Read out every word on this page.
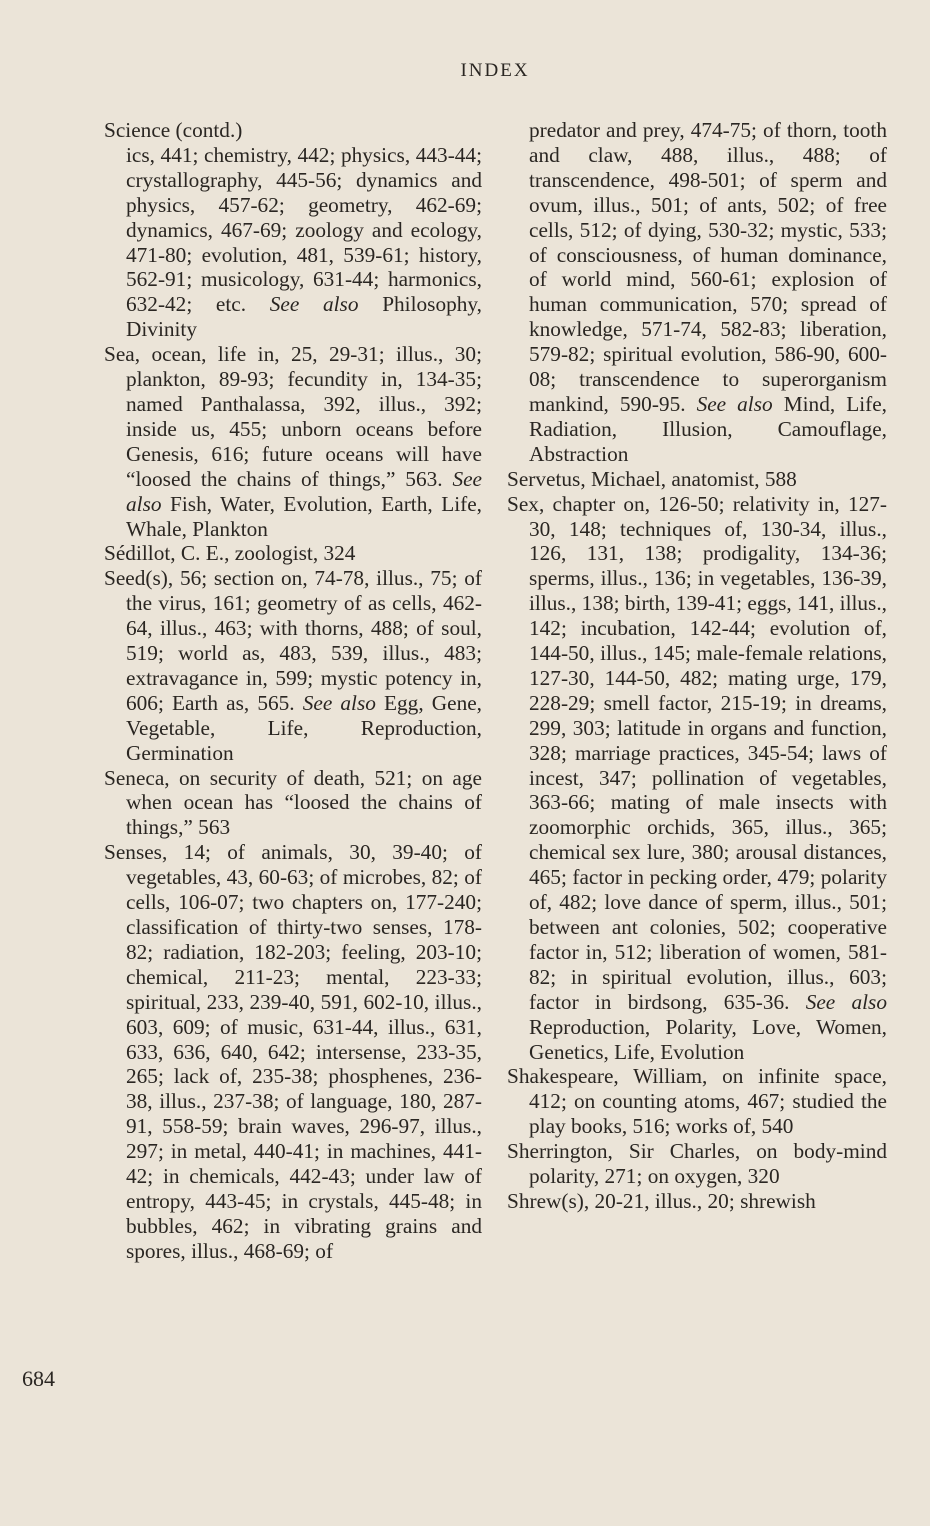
INDEX

Science (contd.)
ics, 441; chemistry, 442; physics, 443-44; crystallography, 445-56; dynamics and physics, 457-62; geometry, 462-69; dynamics, 467-69; zoology and ecology, 471-80; evolution, 481, 539-61; history, 562-91; musicology, 631-44; harmonics, 632-42; etc. See also Philosophy, Divinity

Sea, ocean, life in, 25, 29-31; illus., 30; plankton, 89-93; fecundity in, 134-35; named Panthalassa, 392, illus., 392; inside us, 455; unborn oceans before Genesis, 616; future oceans will have “loosed the chains of things,” 563. See also Fish, Water, Evolution, Earth, Life, Whale, Plankton

Sédillot, C. E., zoologist, 324

Seed(s), 56; section on, 74-78, illus., 75; of the virus, 161; geometry of as cells, 462-64, illus., 463; with thorns, 488; of soul, 519; world as, 483, 539, illus., 483; extravagance in, 599; mystic potency in, 606; Earth as, 565. See also Egg, Gene, Vegetable, Life, Reproduction, Germination

Seneca, on security of death, 521; on age when ocean has “loosed the chains of things,” 563

Senses, 14; of animals, 30, 39-40; of vegetables, 43, 60-63; of microbes, 82; of cells, 106-07; two chapters on, 177-240; classification of thirty-two senses, 178-82; radiation, 182-203; feeling, 203-10; chemical, 211-23; mental, 223-33; spiritual, 233, 239-40, 591, 602-10, illus., 603, 609; of music, 631-44, illus., 631, 633, 636, 640, 642; intersense, 233-35, 265; lack of, 235-38; phosphenes, 236-38, illus., 237-38; of language, 180, 287-91, 558-59; brain waves, 296-97, illus., 297; in metal, 440-41; in machines, 441-42; in chemicals, 442-43; under law of entropy, 443-45; in crystals, 445-48; in bubbles, 462; in vibrating grains and spores, illus., 468-69; of

predator and prey, 474-75; of thorn, tooth and claw, 488, illus., 488; of transcendence, 498-501; of sperm and ovum, illus., 501; of ants, 502; of free cells, 512; of dying, 530-32; mystic, 533; of consciousness, of human dominance, of world mind, 560-61; explosion of human communication, 570; spread of knowledge, 571-74, 582-83; liberation, 579-82; spiritual evolution, 586-90, 600-08; transcendence to superorganism mankind, 590-95. See also Mind, Life, Radiation, Illusion, Camouflage, Abstraction

Servetus, Michael, anatomist, 588

Sex, chapter on, 126-50; relativity in, 127-30, 148; techniques of, 130-34, illus., 126, 131, 138; prodigality, 134-36; sperms, illus., 136; in vegetables, 136-39, illus., 138; birth, 139-41; eggs, 141, illus., 142; incubation, 142-44; evolution of, 144-50, illus., 145; male-female relations, 127-30, 144-50, 482; mating urge, 179, 228-29; smell factor, 215-19; in dreams, 299, 303; latitude in organs and function, 328; marriage practices, 345-54; laws of incest, 347; pollination of vegetables, 363-66; mating of male insects with zoomorphic orchids, 365, illus., 365; chemical sex lure, 380; arousal distances, 465; factor in pecking order, 479; polarity of, 482; love dance of sperm, illus., 501; between ant colonies, 502; cooperative factor in, 512; liberation of women, 581-82; in spiritual evolution, illus., 603; factor in birdsong, 635-36. See also Reproduction, Polarity, Love, Women, Genetics, Life, Evolution

Shakespeare, William, on infinite space, 412; on counting atoms, 467; studied the play books, 516; works of, 540

Sherrington, Sir Charles, on body-mind polarity, 271; on oxygen, 320

Shrew(s), 20-21, illus., 20; shrewish

684
